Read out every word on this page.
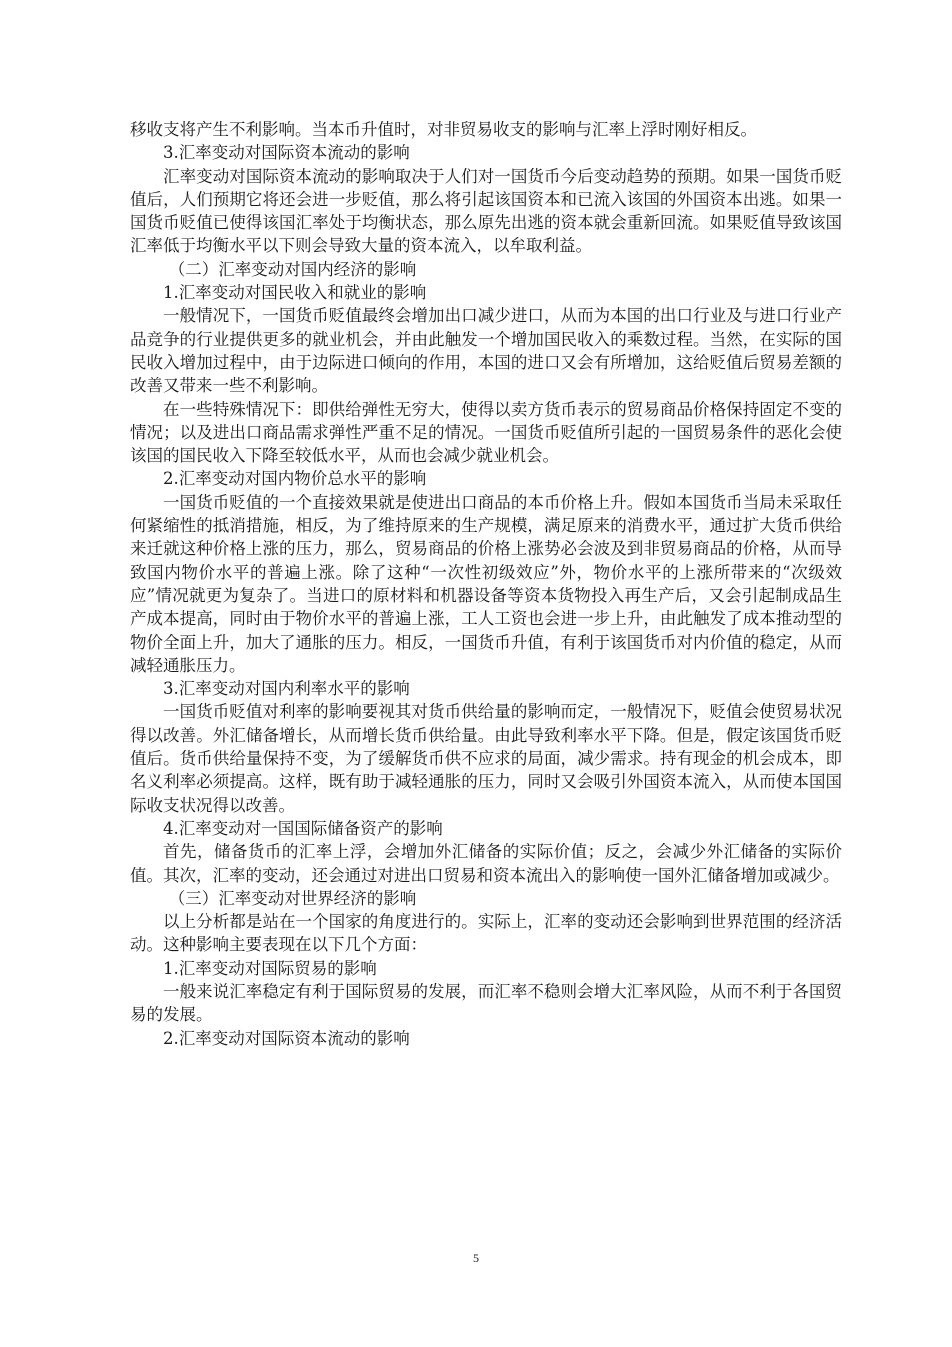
移收支将产生不利影响。当本币升值时，对非贸易收支的影响与汇率上浮时刚好相反。

3.汇率变动对国际资本流动的影响

汇率变动对国际资本流动的影响取决于人们对一国货币今后变动趋势的预期。如果一国货币贬值后，人们预期它将还会进一步贬值，那么将引起该国资本和已流入该国的外国资本出逃。如果一国货币贬值已使得该国汇率处于均衡状态，那么原先出逃的资本就会重新回流。如果贬值导致该国汇率低于均衡水平以下则会导致大量的资本流入，以牟取利益。

（二）汇率变动对国内经济的影响

1.汇率变动对国民收入和就业的影响

一般情况下，一国货币贬值最终会增加出口减少进口，从而为本国的出口行业及与进口行业产品竞争的行业提供更多的就业机会，并由此触发一个增加国民收入的乘数过程。当然，在实际的国民收入增加过程中，由于边际进口倾向的作用，本国的进口又会有所增加，这给贬值后贸易差额的改善又带来一些不利影响。

在一些特殊情况下：即供给弹性无穷大，使得以卖方货币表示的贸易商品价格保持固定不变的情况；以及进出口商品需求弹性严重不足的情况。一国货币贬值所引起的一国贸易条件的恶化会使该国的国民收入下降至较低水平，从而也会减少就业机会。

2.汇率变动对国内物价总水平的影响

一国货币贬值的一个直接效果就是使进出口商品的本币价格上升。假如本国货币当局未采取任何紧缩性的抵消措施，相反，为了维持原来的生产规模，满足原来的消费水平，通过扩大货币供给来迁就这种价格上涨的压力，那么，贸易商品的价格上涨势必会波及到非贸易商品的价格，从而导致国内物价水平的普遍上涨。除了这种“一次性初级效应”外，物价水平的上涨所带来的“次级效应”情况就更为复杂了。当进口的原材料和机器设备等资本货物投入再生产后，又会引起制成品生产成本提高，同时由于物价水平的普遍上涨，工人工资也会进一步上升，由此触发了成本推动型的物价全面上升，加大了通胀的压力。相反，一国货币升值，有利于该国货币对内价值的稳定，从而减轻通胀压力。

3.汇率变动对国内利率水平的影响

一国货币贬值对利率的影响要视其对货币供给量的影响而定，一般情况下，贬值会使贸易状况得以改善。外汇储备增长，从而增长货币供给量。由此导致利率水平下降。但是，假定该国货币贬值后。货币供给量保持不变，为了缓解货币供不应求的局面，减少需求。持有现金的机会成本，即名义利率必须提高。这样，既有助于减轻通胀的压力，同时又会吸引外国资本流入，从而使本国国际收支状况得以改善。

4.汇率变动对一国国际储备资产的影响

首先，储备货币的汇率上浮，会增加外汇储备的实际价值；反之，会减少外汇储备的实际价值。其次，汇率的变动，还会通过对进出口贸易和资本流出入的影响使一国外汇储备增加或减少。

（三）汇率变动对世界经济的影响

以上分析都是站在一个国家的角度进行的。实际上，汇率的变动还会影响到世界范围的经济活动。这种影响主要表现在以下几个方面：

1.汇率变动对国际贸易的影响

一般来说汇率稳定有利于国际贸易的发展，而汇率不稳则会增大汇率风险，从而不利于各国贸易的发展。

2.汇率变动对国际资本流动的影响

5
